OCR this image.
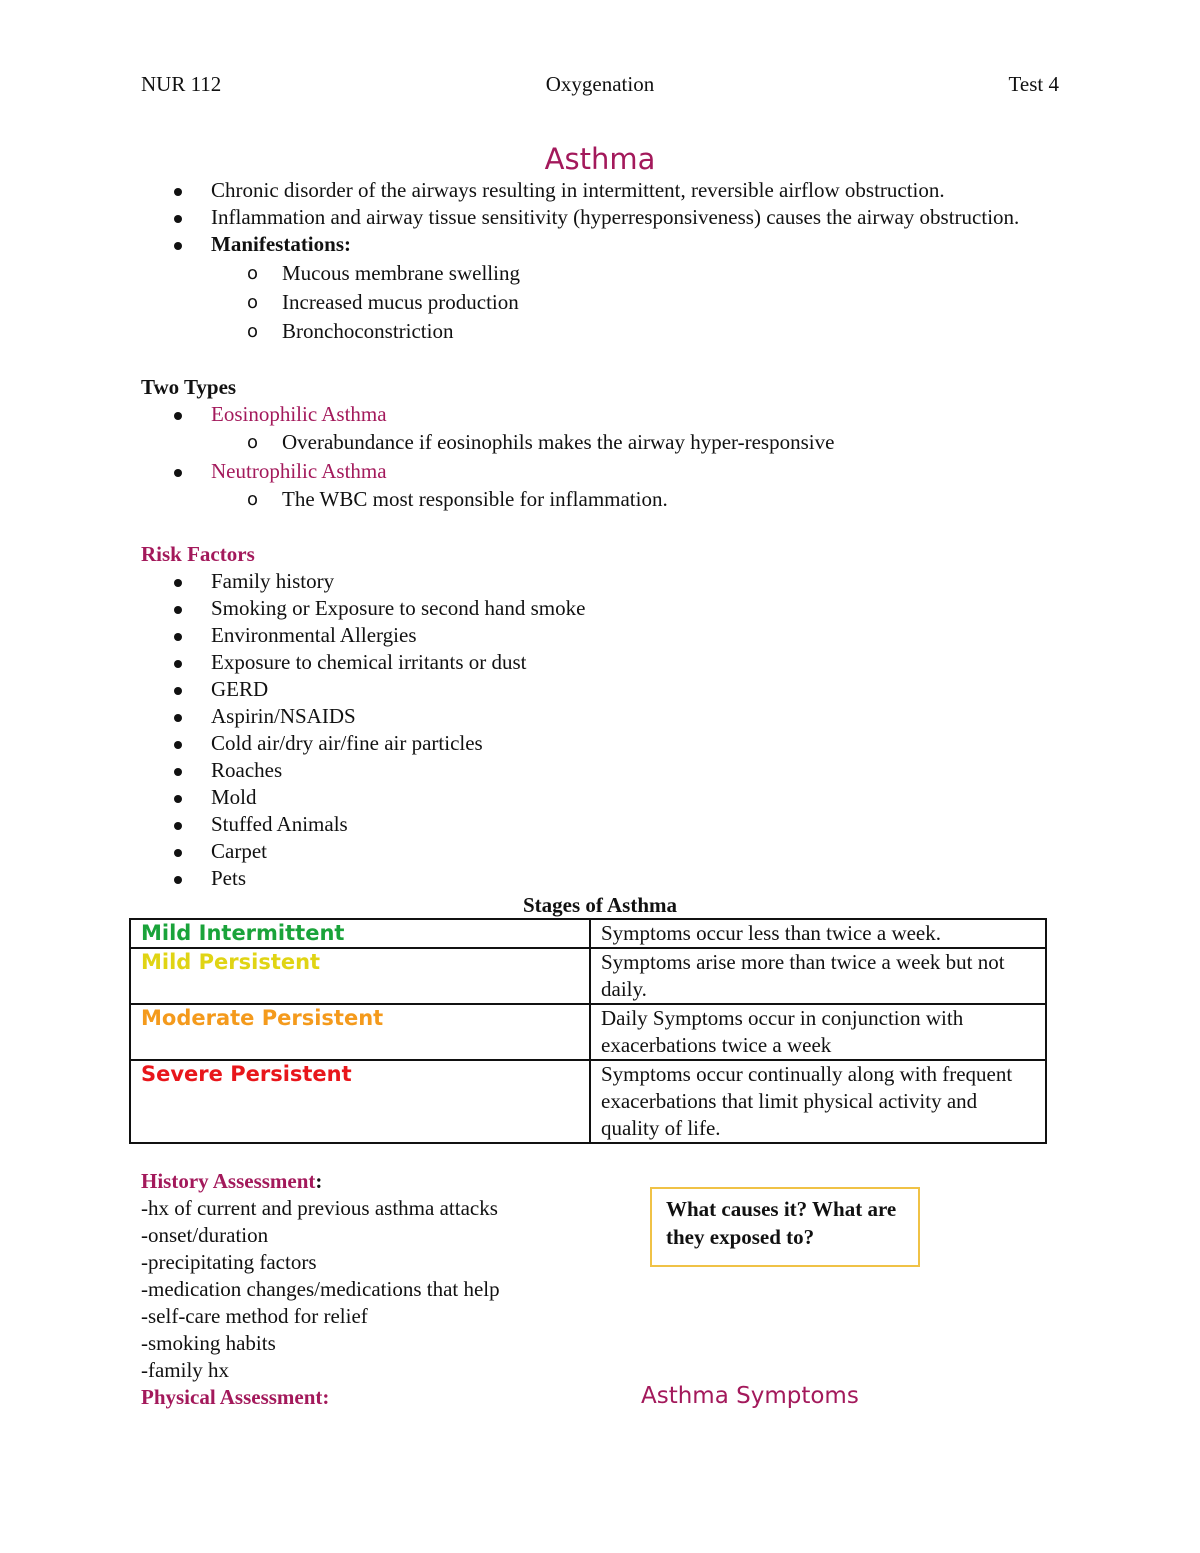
NUR 112	Oxygenation	Test 4
Asthma
Chronic disorder of the airways resulting in intermittent, reversible airflow obstruction.
Inflammation and airway tissue sensitivity (hyperresponsiveness) causes the airway obstruction.
Manifestations:
o Mucous membrane swelling
o Increased mucus production
o Bronchoconstriction
Two Types
Eosinophilic Asthma
o Overabundance if eosinophils makes the airway hyper-responsive
Neutrophilic Asthma
o The WBC most responsible for inflammation.
Risk Factors
Family history
Smoking or Exposure to second hand smoke
Environmental Allergies
Exposure to chemical irritants or dust
GERD
Aspirin/NSAIDS
Cold air/dry air/fine air particles
Roaches
Mold
Stuffed Animals
Carpet
Pets
Stages of Asthma
Mild Intermittent	Symptoms occur less than twice a week.
Mild Persistent	Symptoms arise more than twice a week but not daily.
Moderate Persistent	Daily Symptoms occur in conjunction with exacerbations twice a week
Severe Persistent	Symptoms occur continually along with frequent exacerbations that limit physical activity and quality of life.
History Assessment:
-hx of current and previous asthma attacks
-onset/duration
-precipitating factors
-medication changes/medications that help
-self-care method for relief
-smoking habits
-family hx
Physical Assessment:
What causes it? What are they exposed to?
Asthma Symptoms
